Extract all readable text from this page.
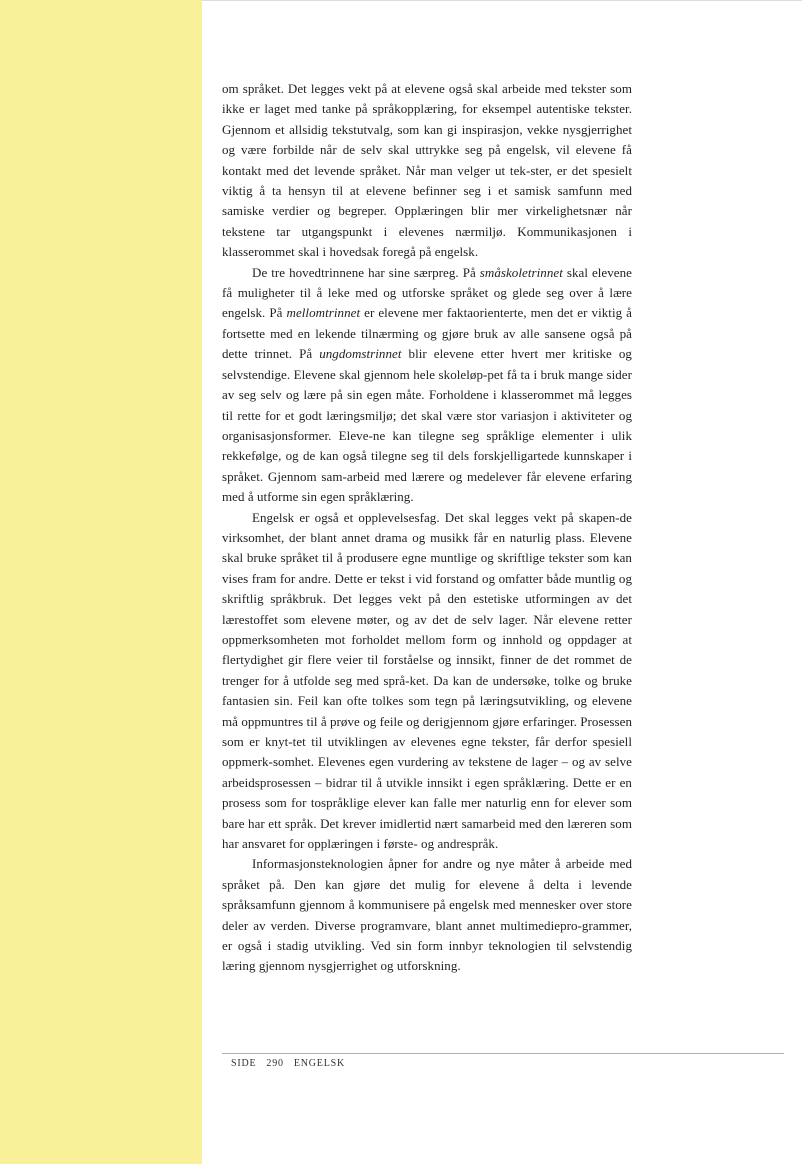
om språket. Det legges vekt på at elevene også skal arbeide med tekster som ikke er laget med tanke på språkopplæring, for eksempel autentiske tekster. Gjennom et allsidig tekstutvalg, som kan gi inspirasjon, vekke nysgjerrighet og være forbilde når de selv skal uttrykke seg på engelsk, vil elevene få kontakt med det levende språket. Når man velger ut tek-ster, er det spesielt viktig å ta hensyn til at elevene befinner seg i et samisk samfunn med samiske verdier og begreper. Opplæringen blir mer virkelighetsnær når tekstene tar utgangspunkt i elevenes nærmiljø. Kommunikasjonen i klasserommet skal i hovedsak foregå på engelsk.

De tre hovedtrinnene har sine særpreg. På småskoletrinnet skal elevene få muligheter til å leke med og utforske språket og glede seg over å lære engelsk. På mellomtrinnet er elevene mer faktaorienterte, men det er viktig å fortsette med en lekende tilnærming og gjøre bruk av alle sansene også på dette trinnet. På ungdomstrinnet blir elevene etter hvert mer kritiske og selvstendige. Elevene skal gjennom hele skoleløp-pet få ta i bruk mange sider av seg selv og lære på sin egen måte. Forholdene i klasserommet må legges til rette for et godt læringsmiljø; det skal være stor variasjon i aktiviteter og organisasjonsformer. Eleve-ne kan tilegne seg språklige elementer i ulik rekkefølge, og de kan også tilegne seg til dels forskjelligartede kunnskaper i språket. Gjennom sam-arbeid med lærere og medelever får elevene erfaring med å utforme sin egen språklæring.

Engelsk er også et opplevelsesfag. Det skal legges vekt på skapen-de virksomhet, der blant annet drama og musikk får en naturlig plass. Elevene skal bruke språket til å produsere egne muntlige og skriftlige tekster som kan vises fram for andre. Dette er tekst i vid forstand og omfatter både muntlig og skriftlig språkbruk. Det legges vekt på den estetiske utformingen av det lærestoffet som elevene møter, og av det de selv lager. Når elevene retter oppmerksomheten mot forholdet mellom form og innhold og oppdager at flertydighet gir flere veier til forståelse og innsikt, finner de det rommet de trenger for å utfolde seg med språ-ket. Da kan de undersøke, tolke og bruke fantasien sin. Feil kan ofte tolkes som tegn på læringsutvikling, og elevene må oppmuntres til å prøve og feile og derigjennom gjøre erfaringer. Prosessen som er knyt-tet til utviklingen av elevenes egne tekster, får derfor spesiell oppmerk-somhet. Elevenes egen vurdering av tekstene de lager – og av selve arbeidsprosessen – bidrar til å utvikle innsikt i egen språklæring. Dette er en prosess som for tospråklige elever kan falle mer naturlig enn for elever som bare har ett språk. Det krever imidlertid nært samarbeid med den læreren som har ansvaret for opplæringen i første- og andrespråk.

Informasjonsteknologien åpner for andre og nye måter å arbeide med språket på. Den kan gjøre det mulig for elevene å delta i levende språksamfunn gjennom å kommunisere på engelsk med mennesker over store deler av verden. Diverse programvare, blant annet multimediepro-grammer, er også i stadig utvikling. Ved sin form innbyr teknologien til selvstendig læring gjennom nysgjerrighet og utforskning.

SIDE 290 ENGELSK
